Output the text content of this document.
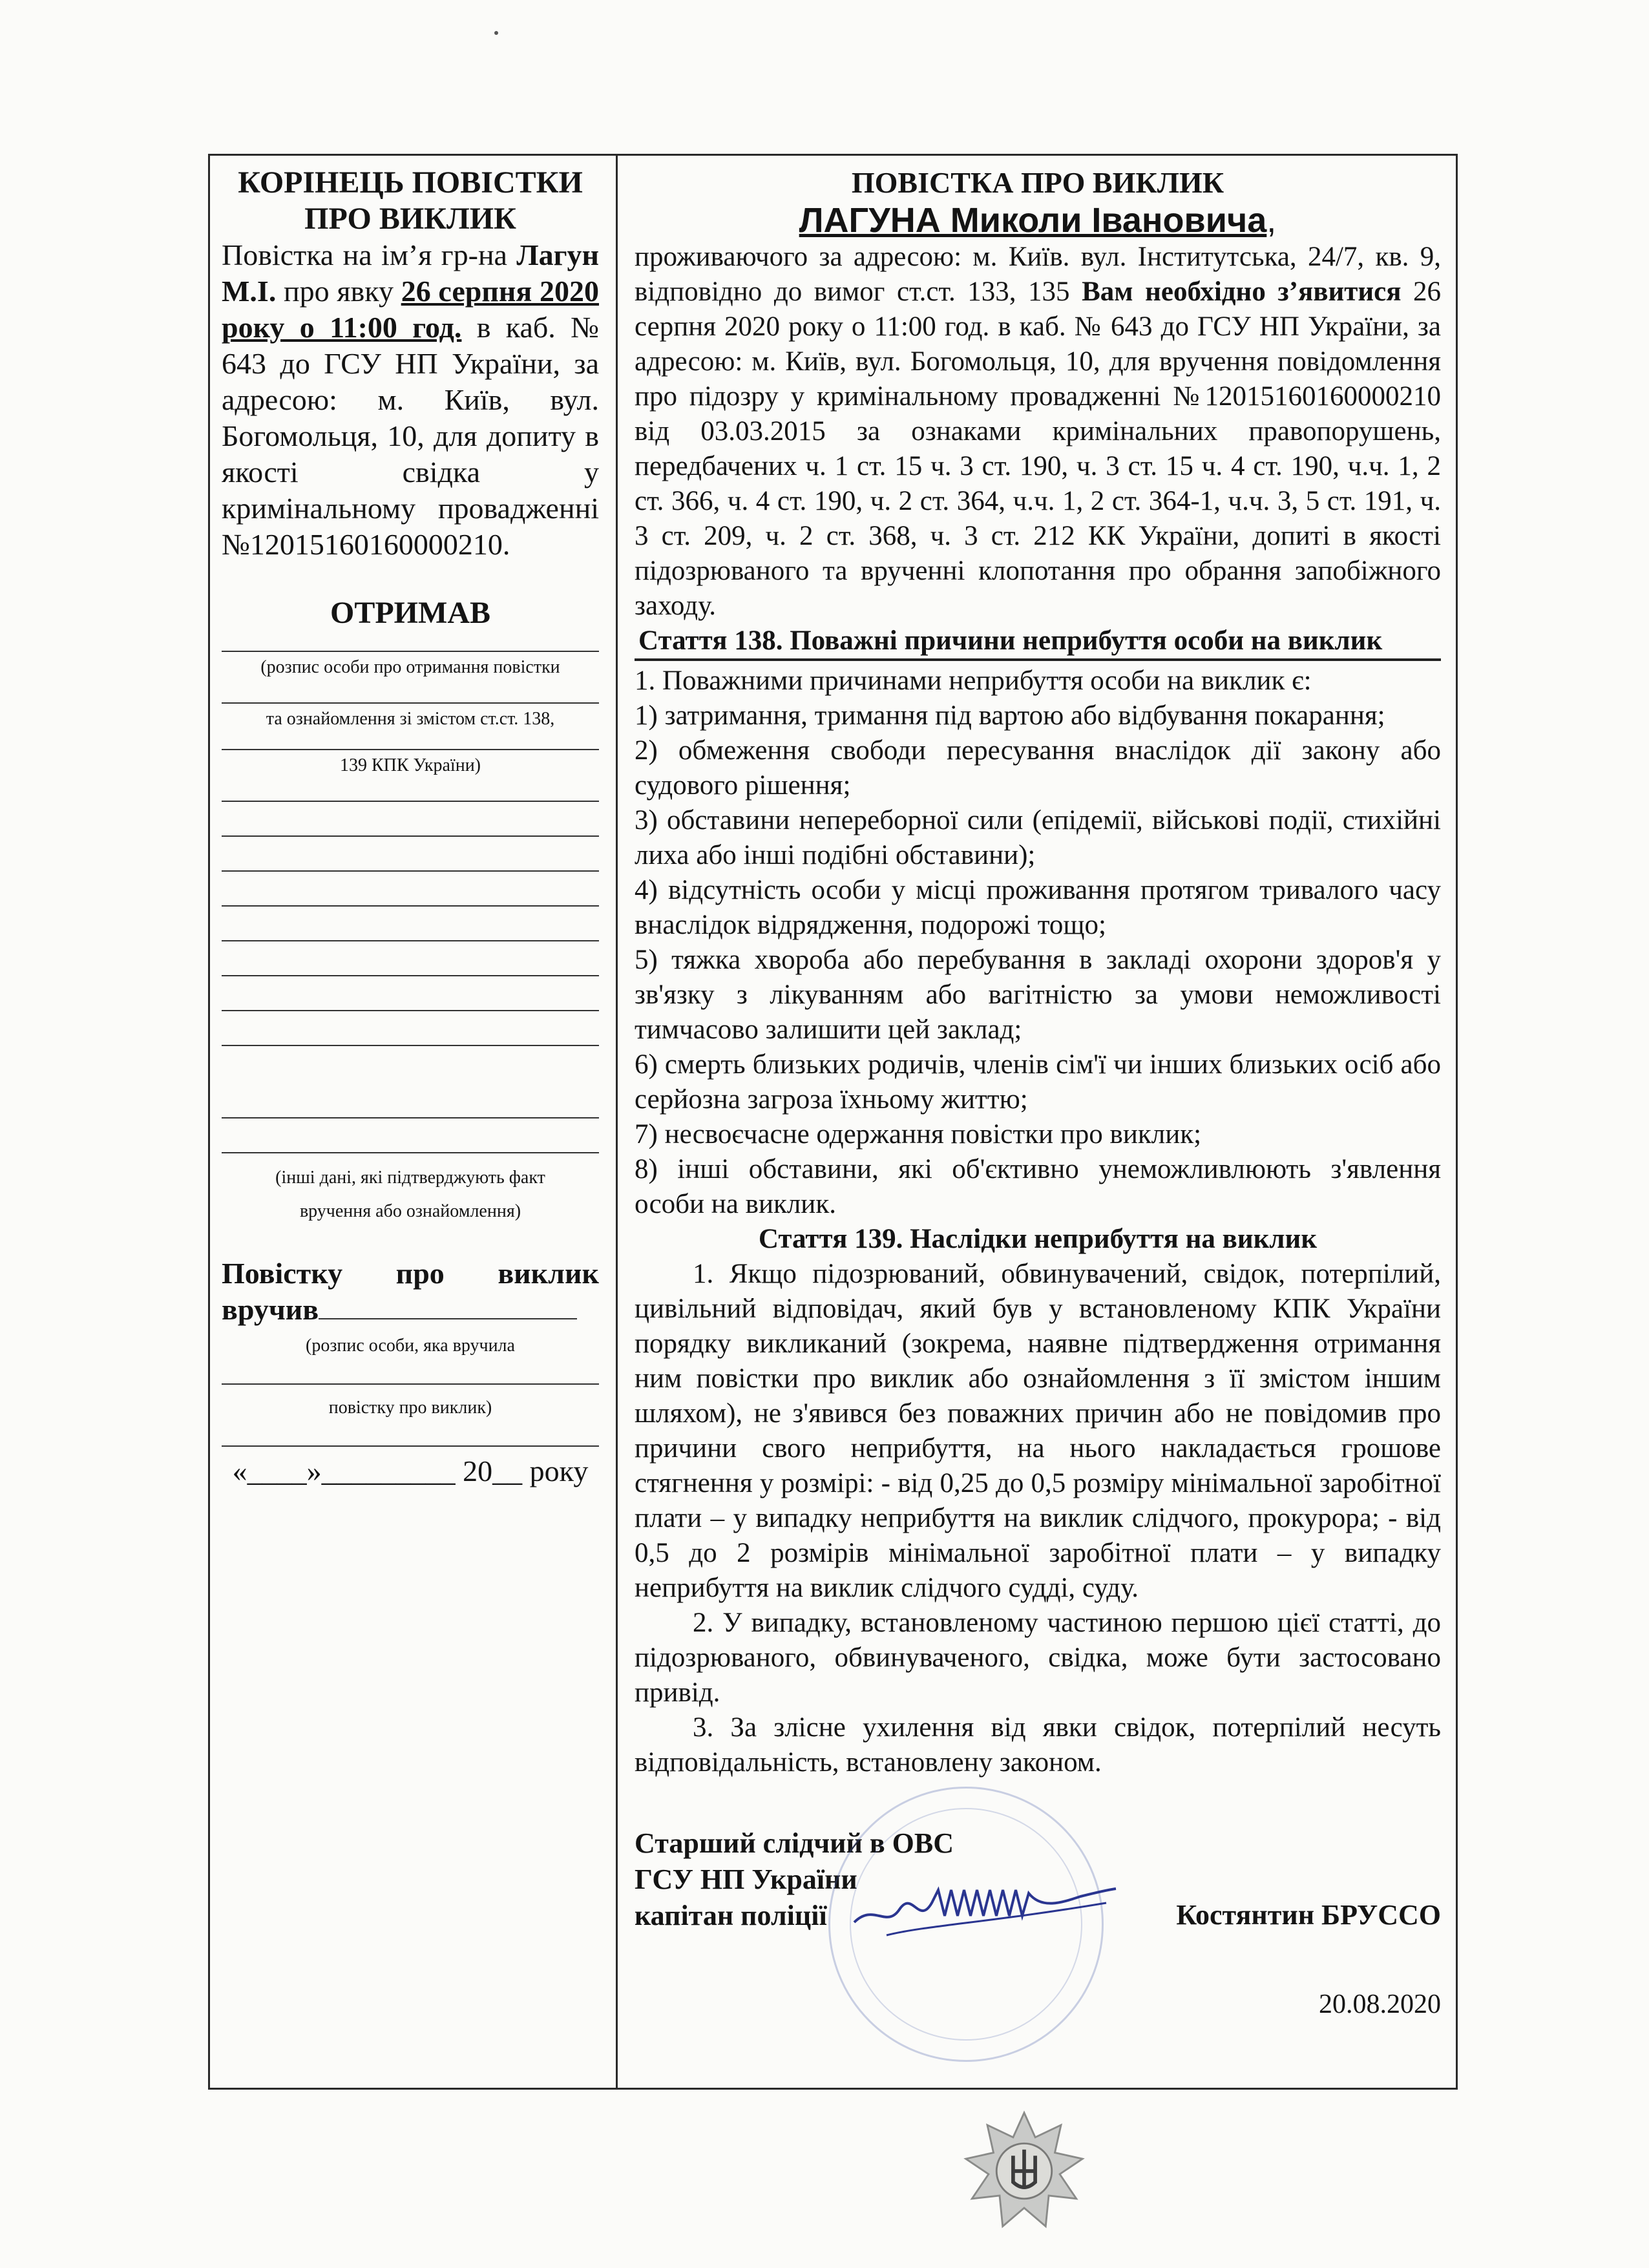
КОРІНЕЦЬ ПОВІСТКИ
ПРО ВИКЛИК
Повістка на ім’я гр-на Лагун М.І. про явку 26 серпня 2020 року о 11:00 год. в каб. № 643 до ГСУ НП України, за адресою: м. Київ, вул. Богомольця, 10, для допиту в якості свідка у кримінальному провадженні №12015160160000210.
ОТРИМАВ
(розпис особи про отримання повістки
та ознайомлення зі змістом ст.ст. 138,
139 КПК України)
(інші дані, які підтверджують факт
вручення або ознайомлення)
Повістку про виклик
вручив
(розпис особи, яка вручила
повістку про виклик)
«____»_________ 20__ року
ПОВІСТКА ПРО ВИКЛИК
ЛАГУНА Миколи Івановича,
проживаючого за адресою: м. Київ. вул. Інститутська, 24/7, кв. 9, відповідно до вимог ст.ст. 133, 135 Вам необхідно з’явитися 26 серпня 2020 року о 11:00 год. в каб. № 643 до ГСУ НП України, за адресою: м. Київ, вул. Богомольця, 10, для вручення повідомлення про підозру у кримінальному провадженні №12015160160000210 від 03.03.2015 за ознаками кримінальних правопорушень, передбачених ч. 1 ст. 15 ч. 3 ст. 190, ч. 3 ст. 15 ч. 4 ст. 190, ч.ч. 1, 2 ст. 366, ч. 4 ст. 190, ч. 2 ст. 364, ч.ч. 1, 2 ст. 364-1, ч.ч. 3, 5 ст. 191, ч. 3 ст. 209, ч. 2 ст. 368, ч. 3 ст. 212 КК України, допиті в якості підозрюваного та врученні клопотання про обрання запобіжного заходу.
Стаття 138. Поважні причини неприбуття особи на виклик
1. Поважними причинами неприбуття особи на виклик є:
1) затримання, тримання під вартою або відбування покарання;
2) обмеження свободи пересування внаслідок дії закону або судового рішення;
3) обставини непереборної сили (епідемії, військові події, стихійні лиха або інші подібні обставини);
4) відсутність особи у місці проживання протягом тривалого часу внаслідок відрядження, подорожі тощо;
5) тяжка хвороба або перебування в закладі охорони здоров'я у зв'язку з лікуванням або вагітністю за умови неможливості тимчасово залишити цей заклад;
6) смерть близьких родичів, членів сім'ї чи інших близьких осіб або серйозна загроза їхньому життю;
7) несвоєчасне одержання повістки про виклик;
8) інші обставини, які об'єктивно унеможливлюють з'явлення особи на виклик.
Стаття 139. Наслідки неприбуття на виклик
1. Якщо підозрюваний, обвинувачений, свідок, потерпілий, цивільний відповідач, який був у встановленому КПК України порядку викликаний (зокрема, наявне підтвердження отримання ним повістки про виклик або ознайомлення з її змістом іншим шляхом), не з'явився без поважних причин або не повідомив про причини свого неприбуття, на нього накладається грошове стягнення у розмірі: - від 0,25 до 0,5 розміру мінімальної заробітної плати – у випадку неприбуття на виклик слідчого, прокурора; - від 0,5 до 2 розмірів мінімальної заробітної плати – у випадку неприбуття на виклик слідчого судді, суду.
2. У випадку, встановленому частиною першою цієї статті, до підозрюваного, обвинуваченого, свідка, може бути застосовано привід.
3. За злісне ухилення від явки свідок, потерпілий несуть відповідальність, встановлену законом.
Старший слідчий в ОВС
ГСУ НП України
капітан поліції	Костянтин БРУССО
20.08.2020
